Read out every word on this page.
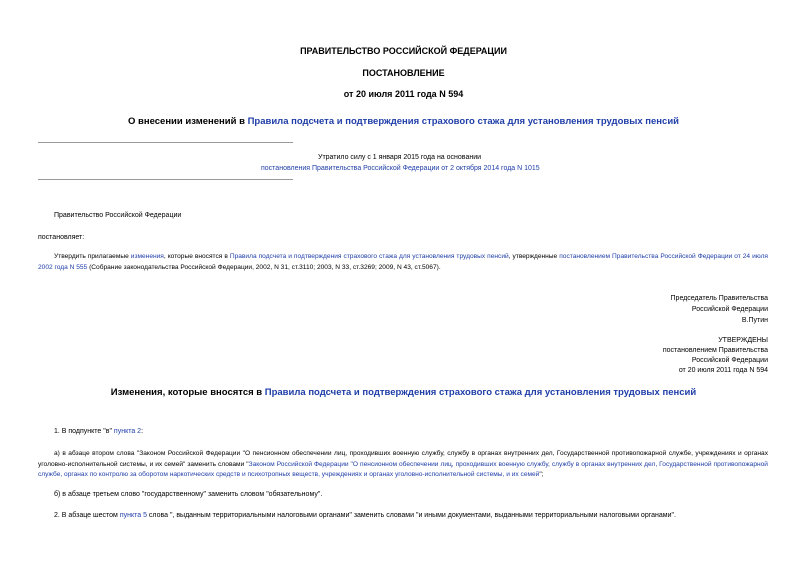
ПРАВИТЕЛЬСТВО РОССИЙСКОЙ ФЕДЕРАЦИИ
ПОСТАНОВЛЕНИЕ
от 20 июля 2011 года N 594
О внесении изменений в Правила подсчета и подтверждения страхового стажа для установления трудовых пенсий
Утратило силу с 1 января 2015 года на основании
постановления Правительства Российской Федерации от 2 октября 2014 года N 1015
Правительство Российской Федерации
постановляет:
Утвердить прилагаемые изменения, которые вносятся в Правила подсчета и подтверждения страхового стажа для установления трудовых пенсий, утвержденные постановлением Правительства Российской Федерации от 24 июля 2002 года N 555 (Собрание законодательства Российской Федерации, 2002, N 31, ст.3110; 2003, N 33, ст.3269; 2009, N 43, ст.5067).
Председатель Правительства
Российской Федерации
В.Путин
УТВЕРЖДЕНЫ
постановлением Правительства
Российской Федерации
от 20 июля 2011 года N 594
Изменения, которые вносятся в Правила подсчета и подтверждения страхового стажа для установления трудовых пенсий
1. В подпункте "в" пункта 2:
а) в абзаце втором слова "Законом Российской Федерации "О пенсионном обеспечении лиц, проходивших военную службу, службу в органах внутренних дел, Государственной противопожарной службе, учреждениях и органах уголовно-исполнительной системы, и их семей" заменить словами "Законом Российской Федерации "О пенсионном обеспечении лиц, проходивших военную службу, службу в органах внутренних дел, Государственной противопожарной службе, органах по контролю за оборотом наркотических средств и психотропных веществ, учреждениях и органах уголовно-исполнительной системы, и их семей";
б) в абзаце третьем слово "государственному" заменить словом "обязательному".
2. В абзаце шестом пункта 5 слова ", выданным территориальными налоговыми органами" заменить словами "и иными документами, выданными территориальными налоговыми органами".
